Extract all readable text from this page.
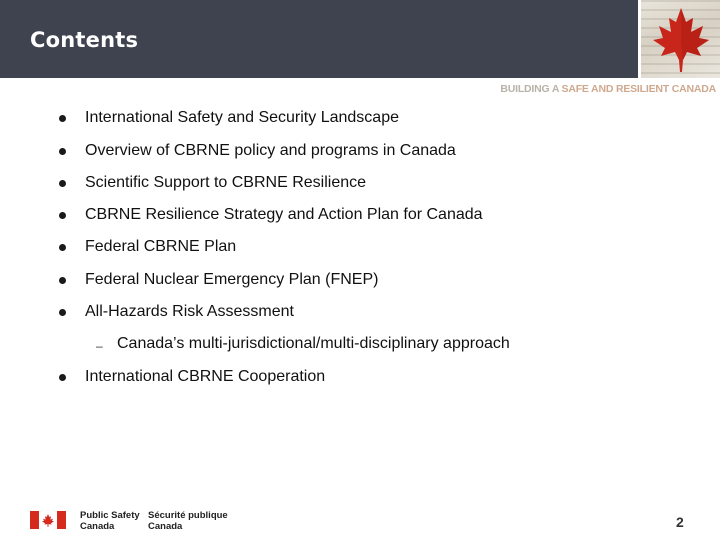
Contents
BUILDING A SAFE AND RESILIENT CANADA
International Safety and Security Landscape
Overview of CBRNE policy and programs in Canada
Scientific Support to CBRNE Resilience
CBRNE Resilience Strategy and Action Plan for Canada
Federal CBRNE Plan
Federal Nuclear Emergency Plan (FNEP)
All-Hazards Risk Assessment
– Canada’s multi-jurisdictional/multi-disciplinary approach
International CBRNE Cooperation
Public Safety
Canada
Sécurité publique
Canada	2
